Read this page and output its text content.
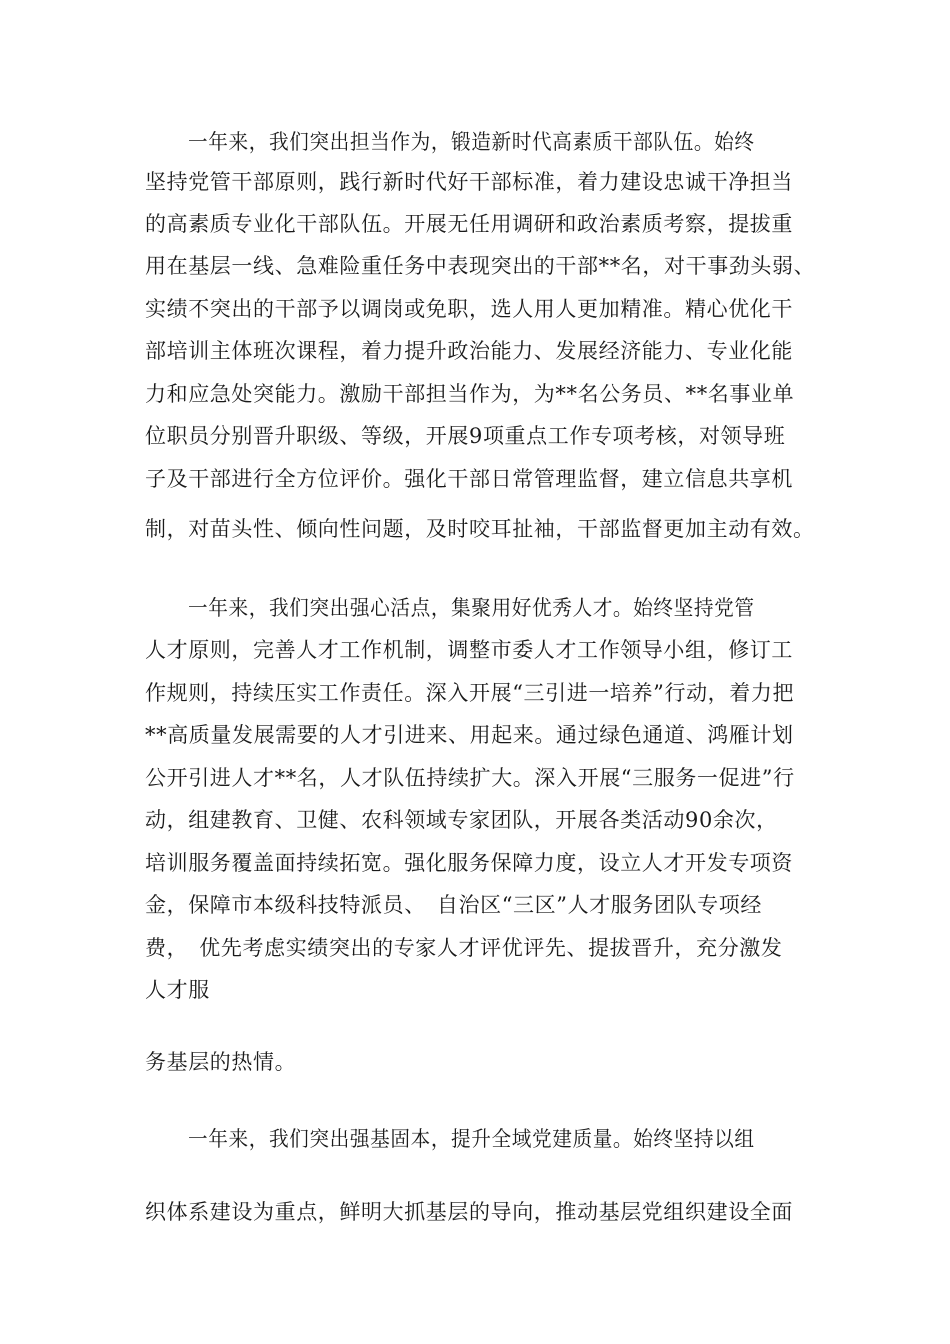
一年来，我们突出担当作为，锻造新时代高素质干部队伍。始终
坚持党管干部原则，践行新时代好干部标准，着力建设忠诚干净担当
的高素质专业化干部队伍。开展无任用调研和政治素质考察，提拔重
用在基层一线、急难险重任务中表现突出的干部**名，对干事劲头弱、
实绩不突出的干部予以调岗或免职，选人用人更加精准。精心优化干
部培训主体班次课程，着力提升政治能力、发展经济能力、专业化能
力和应急处突能力。激励干部担当作为，为**名公务员、**名事业单
位职员分别晋升职级、等级，开展9项重点工作专项考核，对领导班
子及干部进行全方位评价。强化干部日常管理监督，建立信息共享机
制，对苗头性、倾向性问题，及时咬耳扯袖，干部监督更加主动有效。
一年来，我们突出强心活点，集聚用好优秀人才。始终坚持党管
人才原则，完善人才工作机制，调整市委人才工作领导小组，修订工
作规则，持续压实工作责任。深入开展“三引进一培养”行动，着力把
**高质量发展需要的人才引进来、用起来。通过绿色通道、鸿雁计划
公开引进人才**名，人才队伍持续扩大。深入开展“三服务一促进”行
动，组建教育、卫健、农科领域专家团队，开展各类活动90余次，
培训服务覆盖面持续拓宽。强化服务保障力度，设立人才开发专项资
金，保障市本级科技特派员、　自治区“三区”人才服务团队专项经
费，　优先考虑实绩突出的专家人才评优评先、提拔晋升，充分激发
人才服
务基层的热情。
一年来，我们突出强基固本，提升全域党建质量。始终坚持以组
织体系建设为重点，鲜明大抓基层的导向，推动基层党组织建设全面
